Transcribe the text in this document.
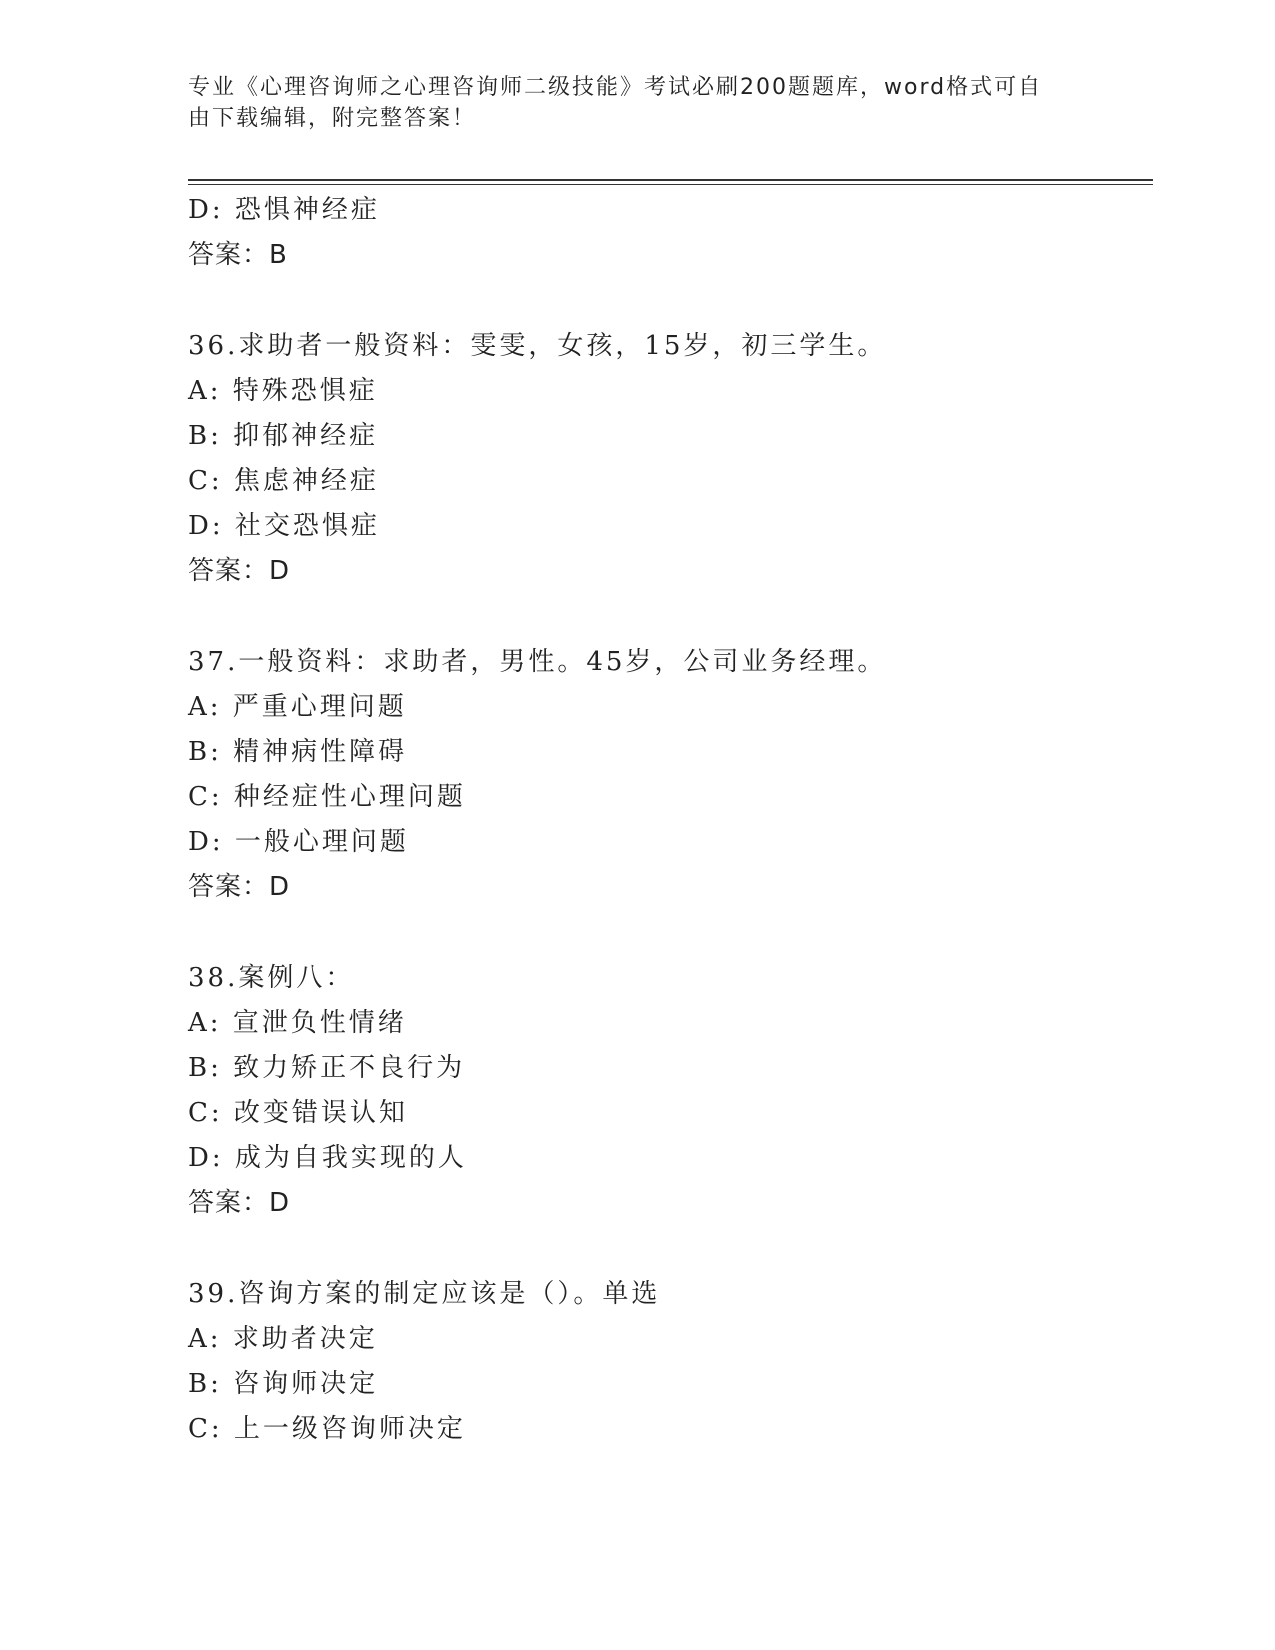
专业《心理咨询师之心理咨询师二级技能》考试必刷200题题库，word格式可自
由下载编辑，附完整答案！
D: 恐惧神经症
答案：B
36.求助者一般资料：雯雯，女孩，15岁，初三学生。
A: 特殊恐惧症
B: 抑郁神经症
C: 焦虑神经症
D: 社交恐惧症
答案：D
37.一般资料：求助者，男性。45岁，公司业务经理。
A: 严重心理问题
B: 精神病性障碍
C: 种经症性心理问题
D: 一般心理问题
答案：D
38.案例八：
A: 宣泄负性情绪
B: 致力矫正不良行为
C: 改变错误认知
D: 成为自我实现的人
答案：D
39.咨询方案的制定应该是（）。单选
A: 求助者决定
B: 咨询师决定
C: 上一级咨询师决定
